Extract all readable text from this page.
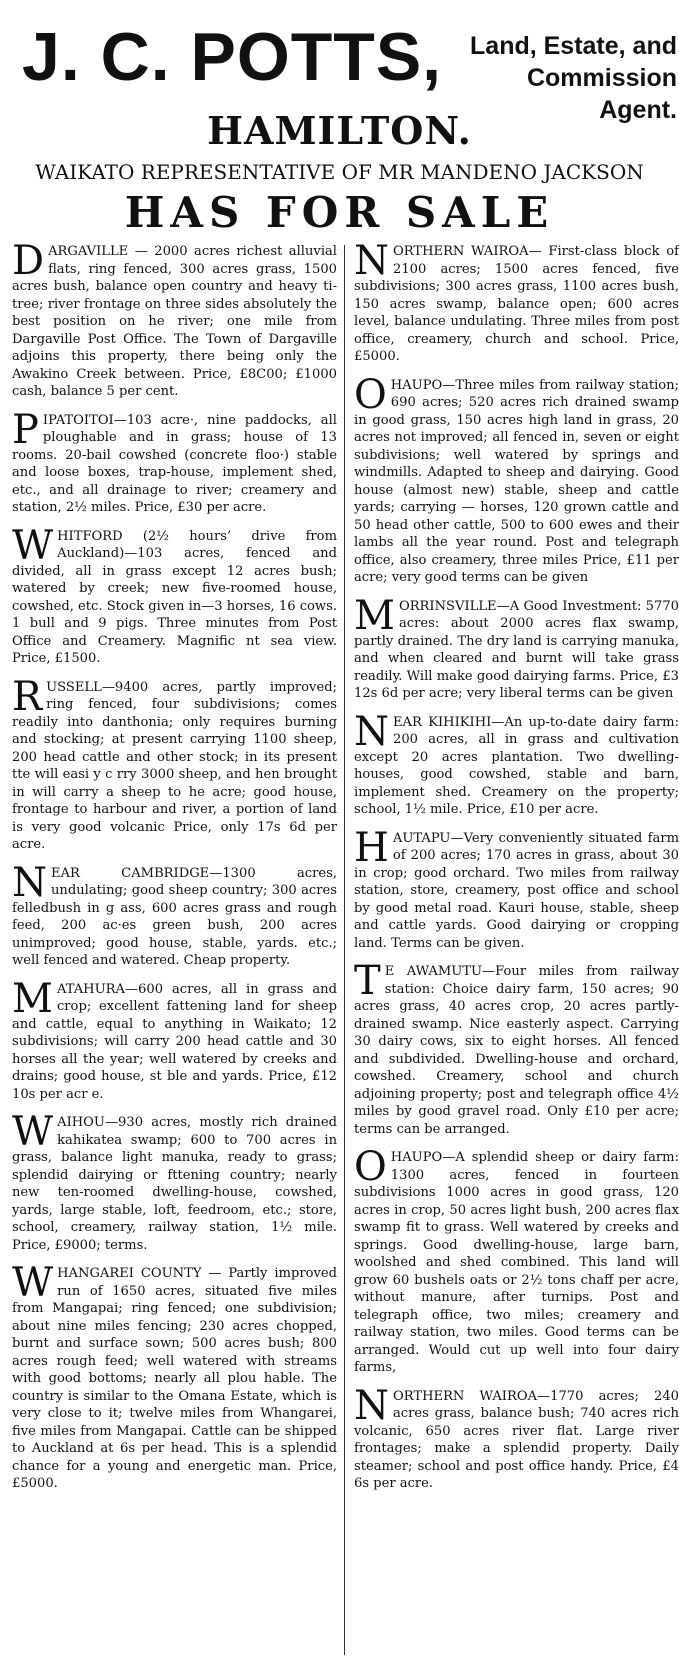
J. C. POTTS,	Land, Estate, and
Commission Agent.
HAMILTON.
WAIKATO REPRESENTATIVE OF MR MANDENO JACKSON
HAS FOR SALE

DARGAVILLE — 2000 acres richest alluvial flats, ring fenced, 300 acres grass, 1500 acres bush, balance open country and heavy ti-tree; river frontage on three sides absolutely the best position on he river; one mile from Dargaville Post Office. The Town of Dargaville adjoins this property, there being only the Awakino Creek between. Price, £8C00; £1000 cash, balance 5 per cent.

PIPATOITOI—103 acre·, nine paddocks, all ploughable and in grass; house of 13 rooms. 20-bail cowshed (concrete floo·) stable and loose boxes, trap-house, implement shed, etc., and all drainage to river; creamery and station, 2½ miles. Price, £30 per acre.

WHITFORD (2½ hours’ drive from Auckland)—103 acres, fenced and divided, all in grass except 12 acres bush; watered by creek; new five-roomed house, cowshed, etc. Stock given in—3 horses, 16 cows. 1 bull and 9 pigs. Three minutes from Post Office and Creamery. Magnific nt sea view. Price, £1500.

RUSSELL—9400 acres, partly improved; ring fenced, four subdivisions; comes readily into danthonia; only requires burning and stocking; at present carrying 1100 sheep, 200 head cattle and other stock; in its present tte will easi y c rry 3000 sheep, and hen brought in will carry a sheep to he acre; good house, frontage to harbour and river, a portion of land is very good volcanic Price, only 17s 6d per acre.

NEAR CAMBRIDGE—1300 acres, undulating; good sheep country; 300 acres felledbush in g ass, 600 acres grass and rough feed, 200 ac·es green bush, 200 acres unimproved; good house, stable, yards. etc.; well fenced and watered. Cheap property.

MATAHURA—600 acres, all in grass and crop; excellent fattening land for sheep and cattle, equal to anything in Waikato; 12 subdivisions; will carry 200 head cattle and 30 horses all the year; well watered by creeks and drains; good house, st ble and yards. Price, £12 10s per acr e.

WAIHOU—930 acres, mostly rich drained kahikatea swamp; 600 to 700 acres in grass, balance light manuka, ready to grass; splendid dairying or fttening country; nearly new ten-roomed dwelling-house, cowshed, yards, large stable, loft, feedroom, etc.; store, school, creamery, railway station, 1½ mile. Price, £9000; terms.

WHANGAREI COUNTY — Partly improved run of 1650 acres, situated five miles from Mangapai; ring fenced; one subdivision; about nine miles fencing; 230 acres chopped, burnt and surface sown; 500 acres bush; 800 acres rough feed; well watered with streams with good bottoms; nearly all plou hable. The country is similar to the Omana Estate, which is very close to it; twelve miles from Whangarei, five miles from Mangapai. Cattle can be shipped to Auckland at 6s per head. This is a splendid chance for a young and energetic man. Price, £5000.

NORTHERN WAIROA— First-class block of 2100 acres; 1500 acres fenced, five subdivisions; 300 acres grass, 1100 acres bush, 150 acres swamp, balance open; 600 acres level, balance undulating. Three miles from post office, creamery, church and school. Price, £5000.

OHAUPO—Three miles from railway station; 690 acres; 520 acres rich drained swamp in good grass, 150 acres high land in grass, 20 acres not improved; all fenced in, seven or eight subdivisions; well watered by springs and windmills. Adapted to sheep and dairying. Good house (almost new) stable, sheep and cattle yards; carrying — horses, 120 grown cattle and 50 head other cattle, 500 to 600 ewes and their lambs all the year round. Post and telegraph office, also creamery, three miles Price, £11 per acre; very good terms can be given

MORRINSVILLE—A Good Investment: 5770 acres: about 2000 acres flax swamp, partly drained. The dry land is carrying manuka, and when cleared and burnt will take grass readily. Will make good dairying farms. Price, £3 12s 6d per acre; very liberal terms can be given

NEAR KIHIKIHI—An up-to-date dairy farm: 200 acres, all in grass and cultivation except 20 acres plantation. Two dwelling-houses, good cowshed, stable and barn, implement shed. Creamery on the property; school, 1½ mile. Price, £10 per acre.

HAUTAPU—Very conveniently situated farm of 200 acres; 170 acres in grass, about 30 in crop; good orchard. Two miles from railway station, store, creamery, post office and school by good metal road. Kauri house, stable, sheep and cattle yards. Good dairying or cropping land. Terms can be given.

T E AWAMUTU—Four miles from railway station: Choice dairy farm, 150 acres; 90 acres grass, 40 acres crop, 20 acres partly-drained swamp. Nice easterly aspect. Carrying 30 dairy cows, six to eight horses. All fenced and subdivided. Dwelling-house and orchard, cowshed. Creamery, school and church adjoining property; post and telegraph office 4½ miles by good gravel road. Only £10 per acre; terms can be arranged.

OHAUPO—A splendid sheep or dairy farm: 1300 acres, fenced in fourteen subdivisions 1000 acres in good grass, 120 acres in crop, 50 acres light bush, 200 acres flax swamp fit to grass. Well watered by creeks and springs. Good dwelling-house, large barn, woolshed and shed combined. This land will grow 60 bushels oats or 2½ tons chaff per acre, without manure, after turnips. Post and telegraph office, two miles; creamery and railway station, two miles. Good terms can be arranged. Would cut up well into four dairy farms,

NORTHERN WAIROA—1770 acres; 240 acres grass, balance bush; 740 acres rich volcanic, 650 acres river flat. Large river frontages; make a splendid property. Daily steamer; school and post office handy. Price, £4 6s per acre.
